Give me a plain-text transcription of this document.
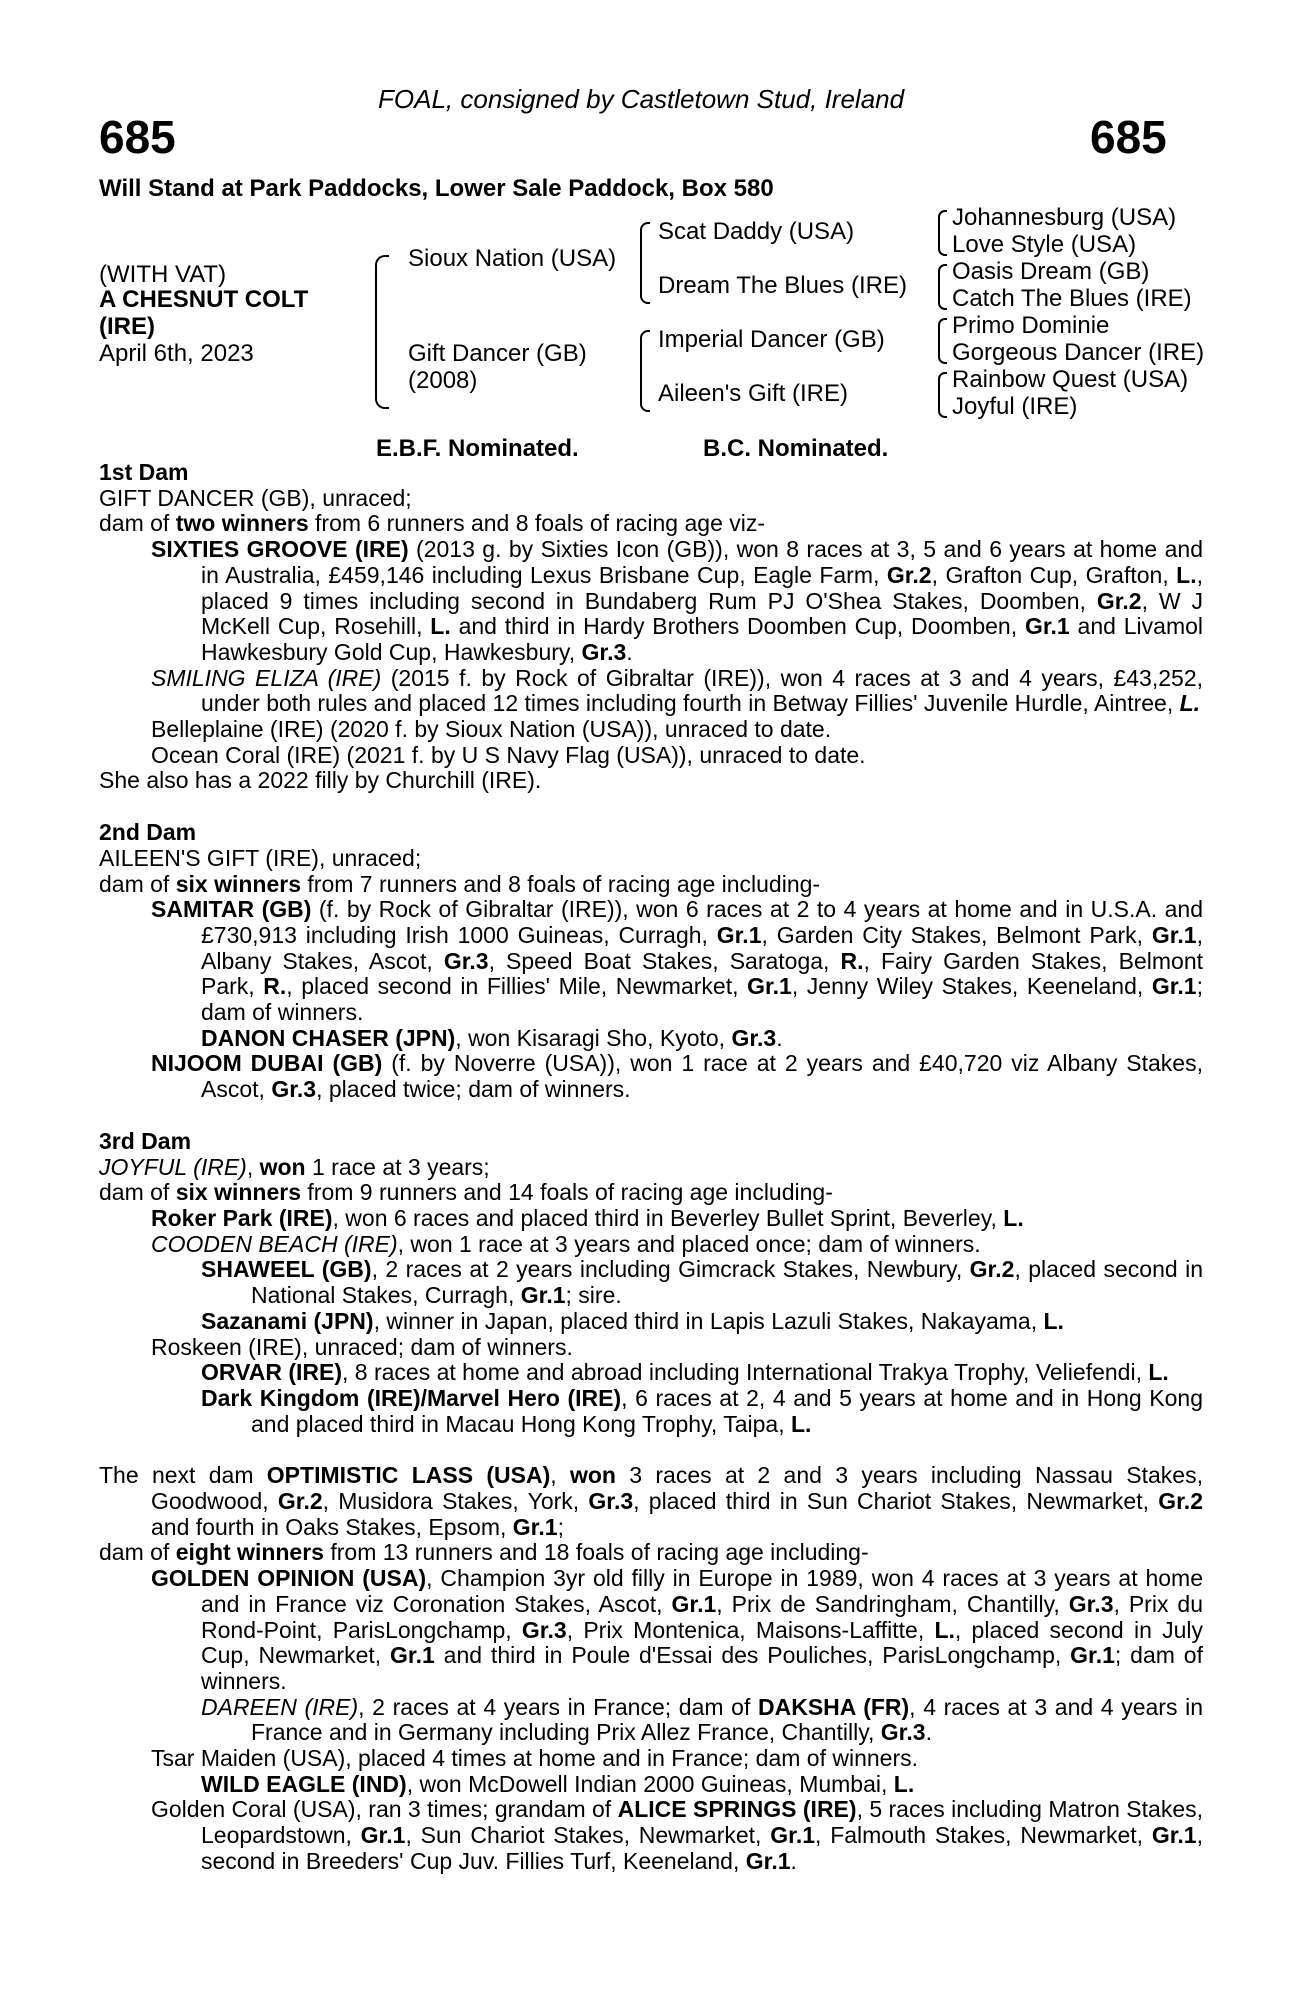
FOAL, consigned by Castletown Stud, Ireland
685	685
Will Stand at Park Paddocks, Lower Sale Paddock, Box 580
(WITH VAT)
A CHESNUT COLT
(IRE)
April 6th, 2023
Sioux Nation (USA)
Gift Dancer (GB)
(2008)
Scat Daddy (USA)
Dream The Blues (IRE)
Imperial Dancer (GB)
Aileen's Gift (IRE)
Johannesburg (USA)
Love Style (USA)
Oasis Dream (GB)
Catch The Blues (IRE)
Primo Dominie
Gorgeous Dancer (IRE)
Rainbow Quest (USA)
Joyful (IRE)
E.B.F. Nominated.	B.C. Nominated.

1st Dam

GIFT DANCER (GB), unraced;

dam of two winners from 6 runners and 8 foals of racing age viz-

SIXTIES GROOVE (IRE) (2013 g. by Sixties Icon (GB)), won 8 races at 3, 5 and 6 years at home and in Australia, £459,146 including Lexus Brisbane Cup, Eagle Farm, Gr.2, Grafton Cup, Grafton, L., placed 9 times including second in Bundaberg Rum PJ O'Shea Stakes, Doomben, Gr.2, W J McKell Cup, Rosehill, L. and third in Hardy Brothers Doomben Cup, Doomben, Gr.1 and Livamol Hawkesbury Gold Cup, Hawkesbury, Gr.3.

SMILING ELIZA (IRE) (2015 f. by Rock of Gibraltar (IRE)), won 4 races at 3 and 4 years, £43,252, under both rules and placed 12 times including fourth in Betway Fillies' Juvenile Hurdle, Aintree, L.

Belleplaine (IRE) (2020 f. by Sioux Nation (USA)), unraced to date.

Ocean Coral (IRE) (2021 f. by U S Navy Flag (USA)), unraced to date.

She also has a 2022 filly by Churchill (IRE).

2nd Dam

AILEEN'S GIFT (IRE), unraced;

dam of six winners from 7 runners and 8 foals of racing age including-

SAMITAR (GB) (f. by Rock of Gibraltar (IRE)), won 6 races at 2 to 4 years at home and in U.S.A. and £730,913 including Irish 1000 Guineas, Curragh, Gr.1, Garden City Stakes, Belmont Park, Gr.1, Albany Stakes, Ascot, Gr.3, Speed Boat Stakes, Saratoga, R., Fairy Garden Stakes, Belmont Park, R., placed second in Fillies' Mile, Newmarket, Gr.1, Jenny Wiley Stakes, Keeneland, Gr.1; dam of winners.

DANON CHASER (JPN), won Kisaragi Sho, Kyoto, Gr.3.

NIJOOM DUBAI (GB) (f. by Noverre (USA)), won 1 race at 2 years and £40,720 viz Albany Stakes, Ascot, Gr.3, placed twice; dam of winners.

3rd Dam

JOYFUL (IRE), won 1 race at 3 years;

dam of six winners from 9 runners and 14 foals of racing age including-

Roker Park (IRE), won 6 races and placed third in Beverley Bullet Sprint, Beverley, L.

COODEN BEACH (IRE), won 1 race at 3 years and placed once; dam of winners.

SHAWEEL (GB), 2 races at 2 years including Gimcrack Stakes, Newbury, Gr.2, placed second in National Stakes, Curragh, Gr.1; sire.

Sazanami (JPN), winner in Japan, placed third in Lapis Lazuli Stakes, Nakayama, L.

Roskeen (IRE), unraced; dam of winners.

ORVAR (IRE), 8 races at home and abroad including International Trakya Trophy, Veliefendi, L.

Dark Kingdom (IRE)/Marvel Hero (IRE), 6 races at 2, 4 and 5 years at home and in Hong Kong and placed third in Macau Hong Kong Trophy, Taipa, L.

The next dam OPTIMISTIC LASS (USA), won 3 races at 2 and 3 years including Nassau Stakes, Goodwood, Gr.2, Musidora Stakes, York, Gr.3, placed third in Sun Chariot Stakes, Newmarket, Gr.2 and fourth in Oaks Stakes, Epsom, Gr.1;

dam of eight winners from 13 runners and 18 foals of racing age including-

GOLDEN OPINION (USA), Champion 3yr old filly in Europe in 1989, won 4 races at 3 years at home and in France viz Coronation Stakes, Ascot, Gr.1, Prix de Sandringham, Chantilly, Gr.3, Prix du Rond-Point, ParisLongchamp, Gr.3, Prix Montenica, Maisons-Laffitte, L., placed second in July Cup, Newmarket, Gr.1 and third in Poule d'Essai des Pouliches, ParisLongchamp, Gr.1; dam of winners.

DAREEN (IRE), 2 races at 4 years in France; dam of DAKSHA (FR), 4 races at 3 and 4 years in France and in Germany including Prix Allez France, Chantilly, Gr.3.

Tsar Maiden (USA), placed 4 times at home and in France; dam of winners.

WILD EAGLE (IND), won McDowell Indian 2000 Guineas, Mumbai, L.

Golden Coral (USA), ran 3 times; grandam of ALICE SPRINGS (IRE), 5 races including Matron Stakes, Leopardstown, Gr.1, Sun Chariot Stakes, Newmarket, Gr.1, Falmouth Stakes, Newmarket, Gr.1, second in Breeders' Cup Juv. Fillies Turf, Keeneland, Gr.1.
